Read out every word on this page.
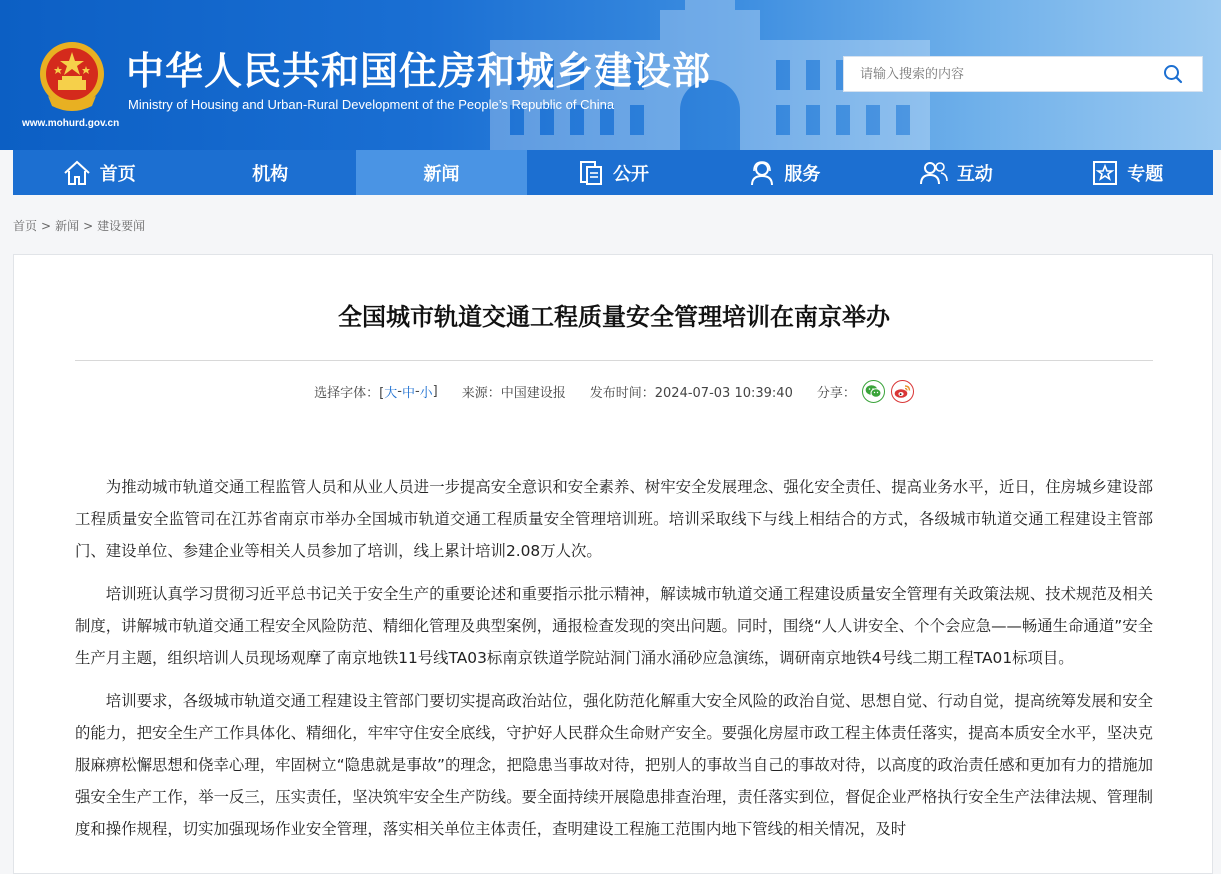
www.mohurd.gov.cn
中华人民共和国住房和城乡建设部
Ministry of Housing and Urban-Rural Development of the People’s Republic of China
请输入搜索的内容
首页	机构	新闻	公开	服务	互动	专题
首页 > 新闻 > 建设要闻
全国城市轨道交通工程质量安全管理培训在南京举办
选择字体：[ 大 - 中 - 小 ] 来源：中国建设报 发布时间：2024-07-03 10:39:40 分享：

为推动城市轨道交通工程监管人员和从业人员进一步提高安全意识和安全素养、树牢安全发展理念、强化安全责任、提高业务水平，近日，住房城乡建设部工程质量安全监管司在江苏省南京市举办全国城市轨道交通工程质量安全管理培训班。培训采取线下与线上相结合的方式，各级城市轨道交通工程建设主管部门、建设单位、参建企业等相关人员参加了培训，线上累计培训2.08万人次。

培训班认真学习贯彻习近平总书记关于安全生产的重要论述和重要指示批示精神，解读城市轨道交通工程建设质量安全管理有关政策法规、技术规范及相关制度，讲解城市轨道交通工程安全风险防范、精细化管理及典型案例，通报检查发现的突出问题。同时，围绕“人人讲安全、个个会应急——畅通生命通道”安全生产月主题，组织培训人员现场观摩了南京地铁11号线TA03标南京铁道学院站洞门涌水涌砂应急演练，调研南京地铁4号线二期工程TA01标项目。

培训要求，各级城市轨道交通工程建设主管部门要切实提高政治站位，强化防范化解重大安全风险的政治自觉、思想自觉、行动自觉，提高统筹发展和安全的能力，把安全生产工作具体化、精细化，牢牢守住安全底线，守护好人民群众生命财产安全。要强化房屋市政工程主体责任落实，提高本质安全水平，坚决克服麻痹松懈思想和侥幸心理，牢固树立“隐患就是事故”的理念，把隐患当事故对待，把别人的事故当自己的事故对待，以高度的政治责任感和更加有力的措施加强安全生产工作，举一反三，压实责任，坚决筑牢安全生产防线。要全面持续开展隐患排查治理，责任落实到位，督促企业严格执行安全生产法律法规、管理制度和操作规程，切实加强现场作业安全管理，落实相关单位主体责任，查明建设工程施工范围内地下管线的相关情况，及时
